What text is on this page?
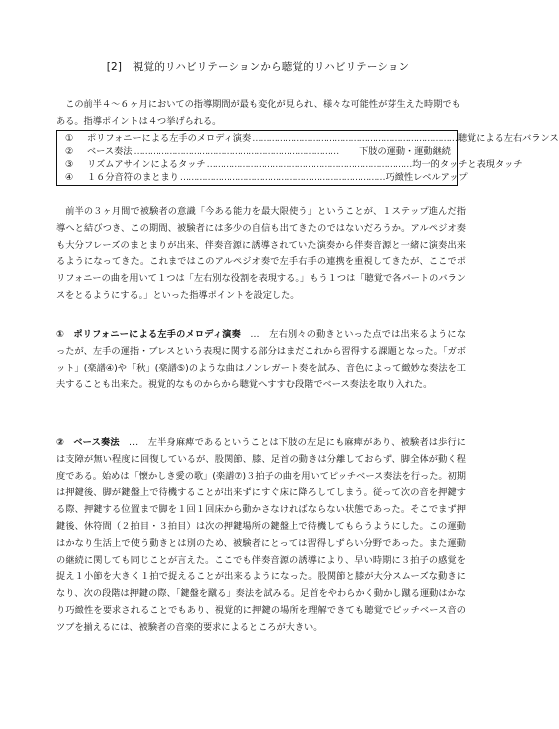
[2]　視覚的リハビリテーションから聴覚的リハビリテーション

この前半４～６ヶ月においての指導期間が最も変化が見られ、様々な可能性が芽生えた時期でもある。指導ポイントは４つ挙げられる。

①	ポリフォニーによる左手のメロディ演奏 ………………………………………………………………… 聴覚による左右バランス
②	ベース奏法 …………………………………………………………………	下肢の運動・運動継続
③	リズムアサインによるタッチ ………………………………………………………………… 均一的タッチと表現タッチ
④	１６分音符のまとまり ………………………………………………………………… 巧緻性レベルアップ

前半の３ヶ月間で被験者の意識「今ある能力を最大限使う」ということが、１ステップ進んだ指導へと結びつき、この期間、被験者には多少の自信も出てきたのではないだろうか。アルペジオ奏も大分フレーズのまとまりが出来、伴奏音源に誘導されていた演奏から伴奏音源と一緒に演奏出来るようになってきた。これまではこのアルペジオ奏で左手右手の連携を重視してきたが、ここでポリフォニーの曲を用いて１つは「左右別な役割を表現する。」もう１つは「聴覚で各パートのバランスをとるようにする。」といった指導ポイントを設定した。

①　ポリフォニーによる左手のメロディ演奏　…　左右別々の動きといった点では出来るようになったが、左手の運指・ブレスという表現に関する部分はまだこれから習得する課題となった。「ガボット」(楽譜④)や「秋」(楽譜⑤)のような曲はノンレガート奏を試み、音色によって緻妙な奏法を工夫することも出来た。視覚的なものからから聴覚へすすむ段階でベース奏法を取り入れた。

②　ベース奏法　…　左半身麻痺であるということは下肢の左足にも麻痺があり、被験者は歩行には支障が無い程度に回復しているが、股関節、膝、足首の動きは分離しておらず、脚全体が動く程度である。始めは「懐かしき愛の歌」(楽譜⑦)３拍子の曲を用いてピッチベース奏法を行った。初期は押鍵後、脚が鍵盤上で待機することが出来ずにすぐ床に降ろしてしまう。従って次の音を押鍵する際、押鍵する位置まで脚を１回１回床から動かさなければならない状態であった。そこでまず押鍵後、休符間（２拍目・３拍目）は次の押鍵場所の鍵盤上で待機してもらうようにした。この運動はかなり生活上で使う動きとは別のため、被験者にとっては習得しずらい分野であった。また運動の継続に関しても同じことが言えた。ここでも伴奏音源の誘導により、早い時期に３拍子の感覚を捉え１小節を大きく１拍で捉えることが出来るようになった。股関節と膝が大分スムーズな動きになり、次の段階は押鍵の際、「鍵盤を蹴る」奏法を試みる。足首をやわらかく動かし蹴る運動はかなり巧緻性を要求されることでもあり、視覚的に押鍵の場所を理解できても聴覚でピッチベース音のツブを揃えるには、被験者の音楽的要求によるところが大きい。
